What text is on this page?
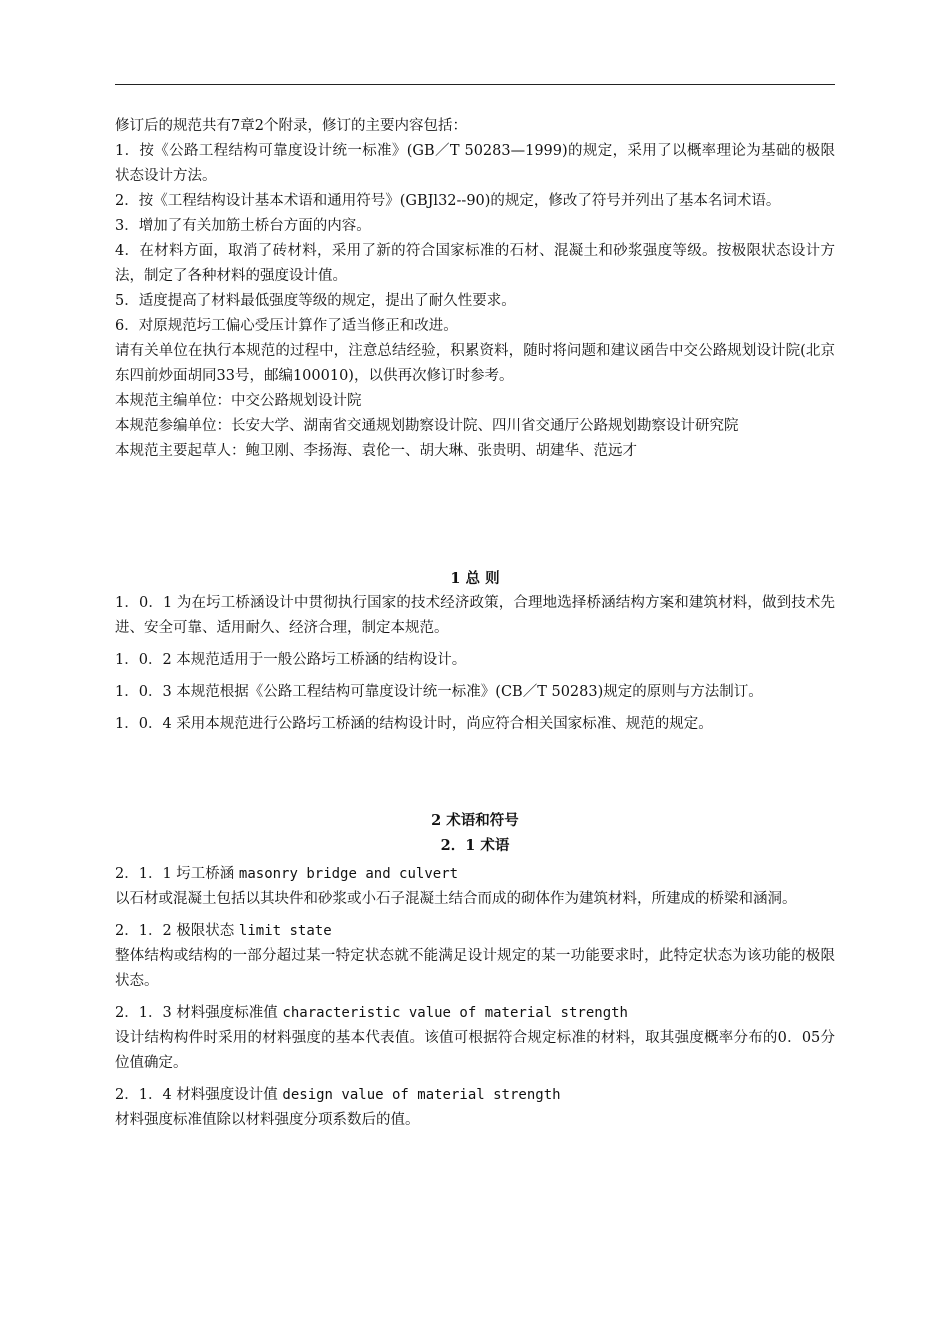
修订后的规范共有7章2个附录，修订的主要内容包括：

1．按《公路工程结构可靠度设计统一标准》(GB／T 50283—1999)的规定，采用了以概率理论为基础的极限状态设计方法。

2．按《工程结构设计基本术语和通用符号》(GBJl32--90)的规定，修改了符号并列出了基本名词术语。

3．增加了有关加筋土桥台方面的内容。

4．在材料方面，取消了砖材料，采用了新的符合国家标准的石材、混凝土和砂浆强度等级。按极限状态设计方法，制定了各种材料的强度设计值。

5．适度提高了材料最低强度等级的规定，提出了耐久性要求。

6．对原规范圬工偏心受压计算作了适当修正和改进。

请有关单位在执行本规范的过程中，注意总结经验，积累资料，随时将问题和建议函告中交公路规划设计院(北京东四前炒面胡同33号，邮编100010)，以供再次修订时参考。

本规范主编单位：中交公路规划设计院

本规范参编单位：长安大学、湖南省交通规划勘察设计院、四川省交通厅公路规划勘察设计研究院

本规范主要起草人：鲍卫刚、李扬海、袁伦一、胡大琳、张贵明、胡建华、范远才

1 总 则

1．0．1 为在圬工桥涵设计中贯彻执行国家的技术经济政策，合理地选择桥涵结构方案和建筑材料，做到技术先进、安全可靠、适用耐久、经济合理，制定本规范。

1．0．2 本规范适用于一般公路圬工桥涵的结构设计。

1．0．3 本规范根据《公路工程结构可靠度设计统一标准》(CB／T 50283)规定的原则与方法制订。

1．0．4 采用本规范进行公路圬工桥涵的结构设计时，尚应符合相关国家标准、规范的规定。

2 术语和符号

2．1 术语

2．1．1 圬工桥涵 masonry bridge and culvert

以石材或混凝土包括以其块件和砂浆或小石子混凝土结合而成的砌体作为建筑材料，所建成的桥梁和涵洞。

2．1．2 极限状态 limit state

整体结构或结构的一部分超过某一特定状态就不能满足设计规定的某一功能要求时，此特定状态为该功能的极限状态。

2．1．3 材料强度标准值 characteristic value of material strength

设计结构构件时采用的材料强度的基本代表值。该值可根据符合规定标准的材料，取其强度概率分布的0．05分位值确定。

2．1．4 材料强度设计值 design value of material strength

材料强度标准值除以材料强度分项系数后的值。
